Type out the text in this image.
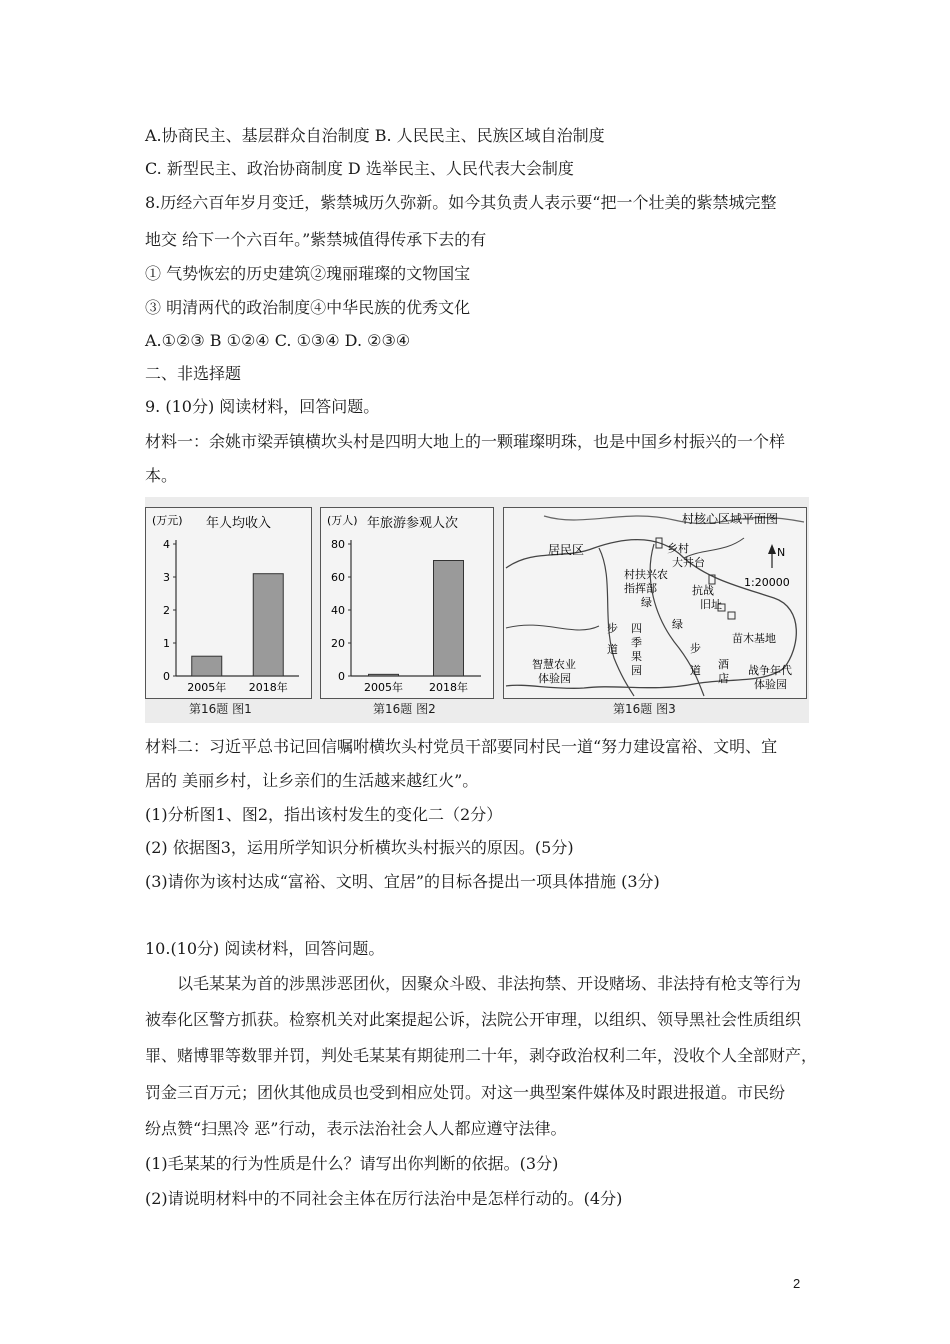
A.协商民主、基层群众自治制度 B. 人民民主、民族区域自治制度
C. 新型民主、政治协商制度 D 选举民主、人民代表大会制度
8.历经六百年岁月变迁，紫禁城历久弥新。如今其负责人表示要“把一个壮美的紫禁城完整
地交 给下一个六百年。”紫禁城值得传承下去的有
① 气势恢宏的历史建筑②瑰丽璀璨的文物国宝
③ 明清两代的政治制度④中华民族的优秀文化
A.①②③ B ①②④ C. ①③④ D. ②③④
二、非选择题
9. (10分) 阅读材料，回答问题。
材料一：余姚市梁弄镇横坎头村是四明大地上的一颗璀璨明珠，也是中国乡村振兴的一个样
本。
(万元) 年人均收入
0
1
2
3
4
2005年 2018年
第16题 图1
(万人) 年旅游参观人次
0
20
40
60
80
2005年 2018年
第16题 图2
村核心区域平面图
居民区
村扶兴农
指挥部
绿
乡村
大井台
抗战
旧址
步
道
四
季
果
园
绿
步
道 酒
店
苗木基地
智慧农业
体验园
战争年代
体验园
N
1:20000
第16题 图3
材料二：习近平总书记回信嘱咐横坎头村党员干部要同村民一道“努力建设富裕、文明、宜
居的 美丽乡村，让乡亲们的生活越来越红火”。
(1)分析图1、图2，指出该村发生的变化二（2分）
(2) 依据图3，运用所学知识分析横坎头村振兴的原因。(5分)
(3)请你为该村达成“富裕、文明、宜居”的目标各提出一项具体措施 (3分)
10.(10分) 阅读材料，回答问题。
以毛某某为首的涉黑涉恶团伙，因聚众斗殴、非法拘禁、开设赌场、非法持有枪支等行为
被奉化区警方抓获。检察机关对此案提起公诉，法院公开审理，以组织、领导黑社会性质组织
罪、赌博罪等数罪并罚，判处毛某某有期徒刑二十年，剥夺政治权利二年，没收个人全部财产，
罚金三百万元；团伙其他成员也受到相应处罚。对这一典型案件媒体及时跟进报道。市民纷
纷点赞“扫黑冷 恶”行动，表示法治社会人人都应遵守法律。
(1)毛某某的行为性质是什么？请写出你判断的依据。(3分)
(2)请说明材料中的不同社会主体在厉行法治中是怎样行动的。(4分)
2
